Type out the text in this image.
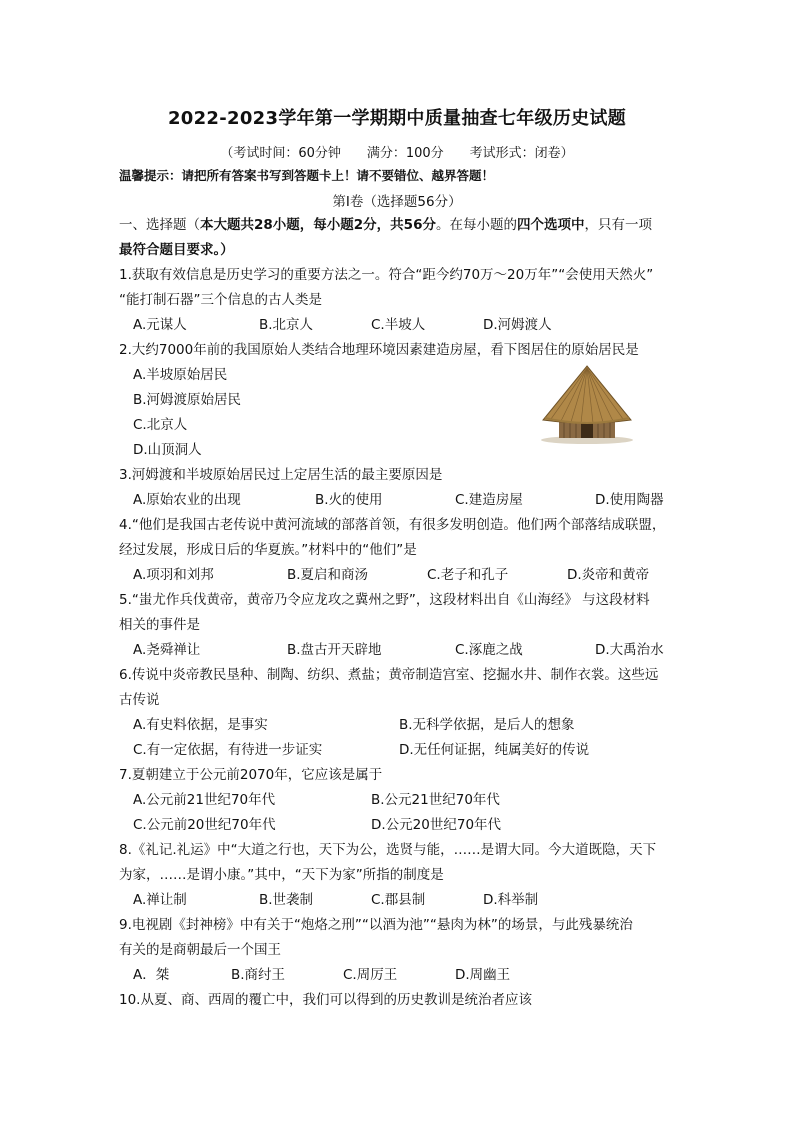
2022-2023学年第一学期期中质量抽查七年级历史试题
（考试时间：60分钟　　满分：100分　　考试形式：闭卷）
温馨提示：请把所有答案书写到答题卡上！请不要错位、越界答题！
第Ⅰ卷（选择题56分）
一、选择题（本大题共28小题，每小题2分，共56分。在每小题的四个选项中，只有一项
最符合题目要求。）
1.获取有效信息是历史学习的重要方法之一。符合“距今约70万～20万年”“会使用天然火”
“能打制石器”三个信息的古人类是
A.元谋人	B.北京人	C.半坡人	D.河姆渡人
2.大约7000年前的我国原始人类结合地理环境因素建造房屋，看下图居住的原始居民是
A.半坡原始居民
B.河姆渡原始居民
C.北京人
D.山顶洞人
3.河姆渡和半坡原始居民过上定居生活的最主要原因是
A.原始农业的出现	B.火的使用	C.建造房屋	D.使用陶器
4.“他们是我国古老传说中黄河流域的部落首领，有很多发明创造。他们两个部落结成联盟，
经过发展，形成日后的华夏族。”材料中的“他们”是
A.项羽和刘邦	B.夏启和商汤	C.老子和孔子	D.炎帝和黄帝
5.“蚩尤作兵伐黄帝，黄帝乃令应龙攻之冀州之野”，这段材料出自《山海经》 与这段材料
相关的事件是
A.尧舜禅让	B.盘古开天辟地	C.涿鹿之战	D.大禹治水
6.传说中炎帝教民垦种、制陶、纺织、煮盐；黄帝制造宫室、挖掘水井、制作衣裳。这些远
古传说
A.有史料依据，是事实	B.无科学依据，是后人的想象
C.有一定依据，有待进一步证实	D.无任何证据，纯属美好的传说
7.夏朝建立于公元前2070年，它应该是属于
A.公元前21世纪70年代	B.公元21世纪70年代
C.公元前20世纪70年代	D.公元20世纪70年代
8.《礼记.礼运》中“大道之行也，天下为公，选贤与能，……是谓大同。今大道既隐，天下
为家，……是谓小康。”其中，“天下为家”所指的制度是
A.禅让制	B.世袭制	C.郡县制	D.科举制
9.电视剧《封神榜》中有关于“炮烙之刑”“以酒为池”“悬肉为林”的场景，与此残暴统治
有关的是商朝最后一个国王
A．桀	B.商纣王	C.周厉王	D.周幽王
10.从夏、商、西周的覆亡中，我们可以得到的历史教训是统治者应该
